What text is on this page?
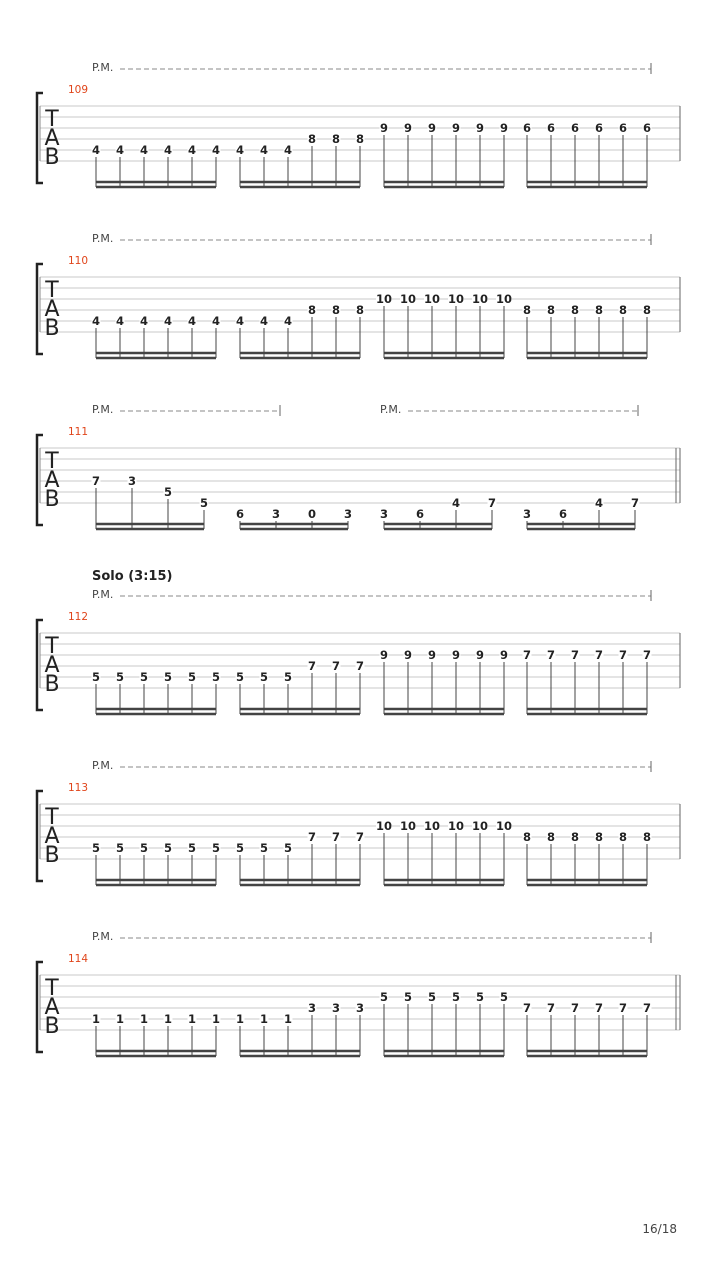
T
A
B
109
P.M.
4 4 4 4 4 4 4 4 4
8 8 8
9 9 9 9 9 9 6 6 6 6 6 6
T
A
B
110
P.M.
4 4 4 4 4 4 4 4 4
8 8 8
10 10 10 10 10 10
8 8 8 8 8 8
T
A
B
111
P.M.	P.M.
7 3
5
5
6 3 0 3 3 6
4 7
3 6
4 7
T
A
B
112
Solo (3:15)
P.M.
5 5 5 5 5 5 5 5 5
7 7 7
9 9 9 9 9 9 7 7 7 7 7 7
T
A
B
113
P.M.
5 5 5 5 5 5 5 5 5
7 7 7
10 10 10 10 10 10
8 8 8 8 8 8
T
A
B
114
P.M.
1 1 1 1 1 1 1 1 1
3 3 3
5 5 5 5 5 5
7 7 7 7 7 7
16/18
